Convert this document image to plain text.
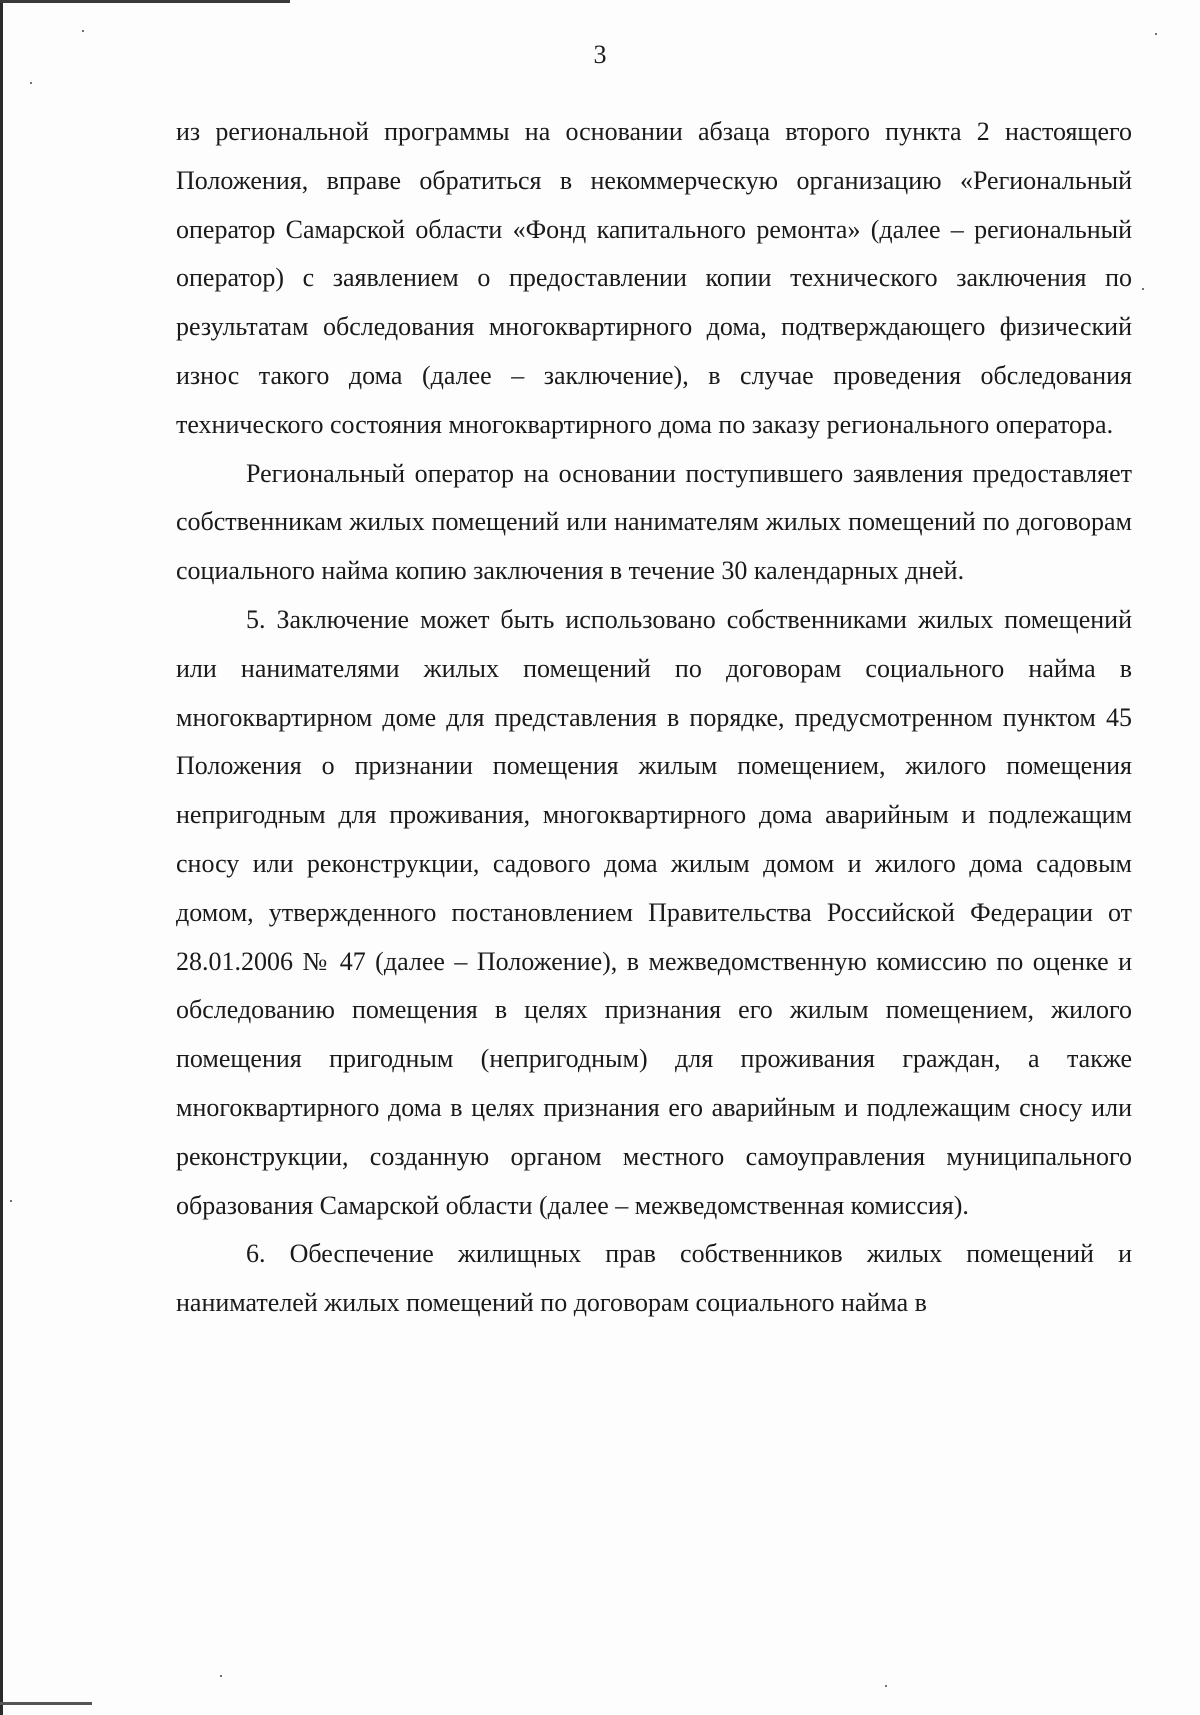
3

из региональной программы на основании абзаца второго пункта 2 настоящего Положения, вправе обратиться в некоммерческую организацию «Региональный оператор Самарской области «Фонд капитального ремонта» (далее – региональный оператор) с заявлением о предоставлении копии технического заключения по результатам обследования многоквартирного дома, подтверждающего физический износ такого дома (далее – заключение), в случае проведения обследования технического состояния многоквартирного дома по заказу регионального оператора.

Региональный оператор на основании поступившего заявления предоставляет собственникам жилых помещений или нанимателям жилых помещений по договорам социального найма копию заключения в течение 30 календарных дней.

5. Заключение может быть использовано собственниками жилых помещений или нанимателями жилых помещений по договорам социального найма в многоквартирном доме для представления в порядке, предусмотренном пунктом 45 Положения о признании помещения жилым помещением, жилого помещения непригодным для проживания, многоквартирного дома аварийным и подлежащим сносу или реконструкции, садового дома жилым домом и жилого дома садовым домом, утвержденного постановлением Правительства Российской Федерации от 28.01.2006 № 47 (далее – Положение), в межведомственную комиссию по оценке и обследованию помещения в целях признания его жилым помещением, жилого помещения пригодным (непригодным) для проживания граждан, а также многоквартирного дома в целях признания его аварийным и подлежащим сносу или реконструкции, созданную органом местного самоуправления муниципального образования Самарской области (далее – межведомственная комиссия).

6. Обеспечение жилищных прав собственников жилых помещений и нанимателей жилых помещений по договорам социального найма в
